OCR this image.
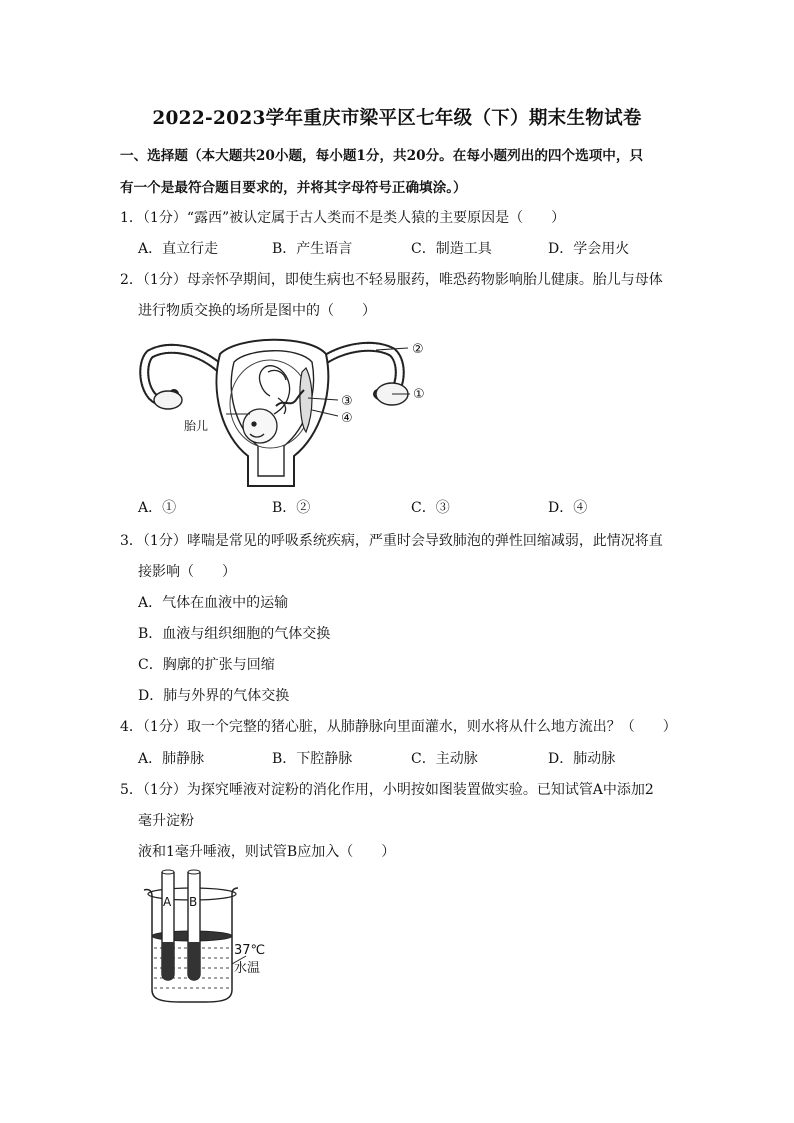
2022-2023学年重庆市梁平区七年级（下）期末生物试卷
一、选择题（本大题共20小题，每小题1分，共20分。在每小题列出的四个选项中，只
有一个是最符合题目要求的，并将其字母符号正确填涂。）
1．（1分）“露西”被认定属于古人类而不是类人猿的主要原因是（　　）
A．直立行走	B．产生语言	C．制造工具	D．学会用火
2．（1分）母亲怀孕期间，即使生病也不轻易服药，唯恐药物影响胎儿健康。胎儿与母体
进行物质交换的场所是图中的（　　）
②
①
③
④
胎儿
A．①	B．②	C．③	D．④
3．（1分）哮喘是常见的呼吸系统疾病，严重时会导致肺泡的弹性回缩减弱，此情况将直
接影响（　　）
A．气体在血液中的运输
B．血液与组织细胞的气体交换
C．胸廓的扩张与回缩
D．肺与外界的气体交换
4．（1分）取一个完整的猪心脏，从肺静脉向里面灌水，则水将从什么地方流出？（　　）
A．肺静脉	B．下腔静脉	C．主动脉	D．肺动脉
5．（1分）为探究唾液对淀粉的消化作用，小明按如图装置做实验。已知试管A中添加2
毫升淀粉
液和1毫升唾液，则试管B应加入（　　）
A B
37℃
水温
